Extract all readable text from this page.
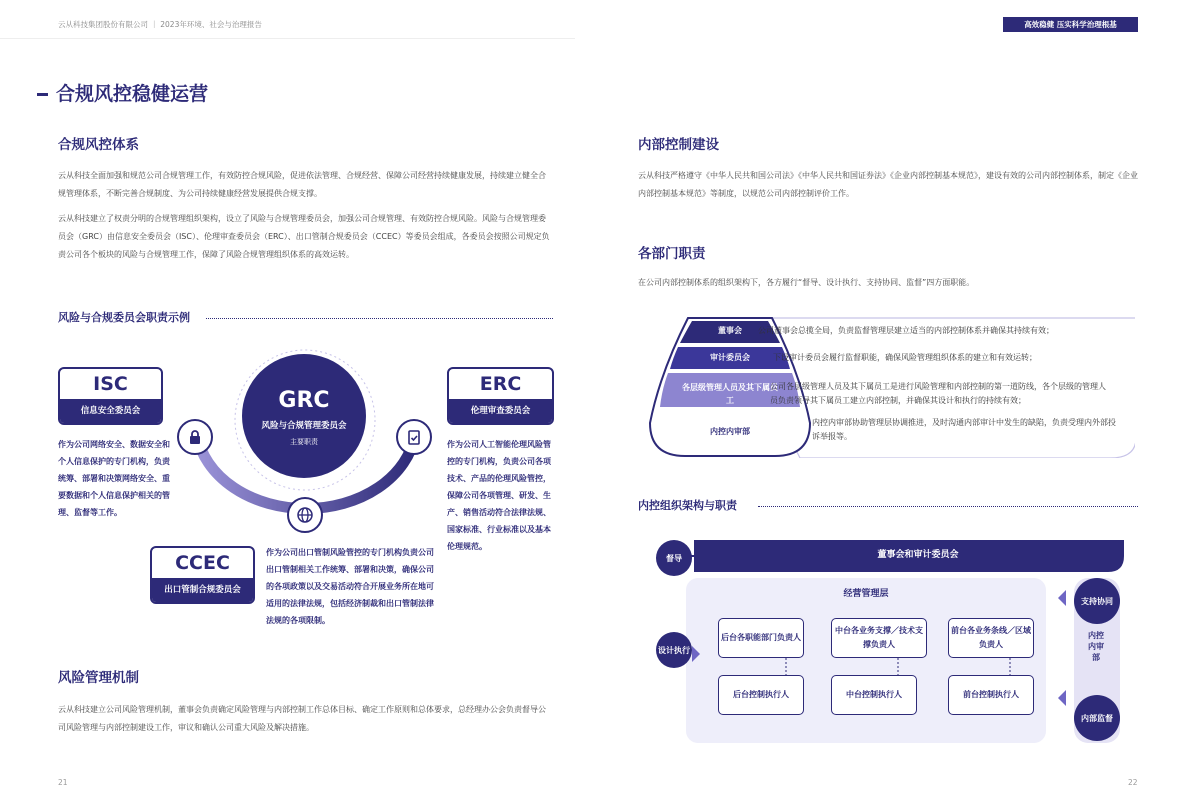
云从科技集团股份有限公司 ｜ 2023年环境、社会与治理报告	高效稳健 压实科学治理根基
合规风控稳健运营
合规风控体系
云从科技全面加强和规范公司合规管理工作，有效防控合规风险，促进依法管理、合规经营、保障公司经营持续健康发展，持续建立健全合规管理体系，不断完善合规制度、为公司持续健康经营发展提供合规支撑。
云从科技建立了权责分明的合规管理组织架构，设立了风险与合规管理委员会，加强公司合规管理、有效防控合规风险。风险与合规管理委员会（GRC）由信息安全委员会（ISC）、伦理审查委员会（ERC）、出口管制合规委员会（CCEC）等委员会组成，各委员会按照公司规定负责公司各个板块的风险与合规管理工作，保障了风险合规管理组织体系的高效运转。
风险与合规委员会职责示例
GRC
风险与合规管理委员会
主要职责
ISC
信息安全委员会
作为公司网络安全、数据安全和个人信息保护的专门机构，负责统筹、部署和决策网络安全、重要数据和个人信息保护相关的管理、监督等工作。
ERC
伦理审查委员会
作为公司人工智能伦理风险管控的专门机构，负责公司各项技术、产品的伦理风险管控，保障公司各项管理、研发、生产、销售活动符合法律法规、国家标准、行业标准以及基本伦理规范。
CCEC
出口管制合规委员会
作为公司出口管制风险管控的专门机构负责公司出口管制相关工作统筹、部署和决策，确保公司的各项政策以及交易活动符合开展业务所在地可适用的法律法规，包括经济制裁和出口管制法律法规的各项限制。
风险管理机制
云从科技建立公司风险管理机制，董事会负责确定风险管理与内部控制工作总体目标、确定工作原则和总体要求，总经理办公会负责督导公司风险管理与内部控制建设工作，审议和确认公司重大风险及解决措施。
21
内部控制建设
云从科技严格遵守《中华人民共和国公司法》《中华人民共和国证券法》《企业内部控制基本规范》，建设有效的公司内部控制体系，制定《企业内部控制基本规范》等制度，以规范公司内部控制评价工作。
各部门职责
在公司内部控制体系的组织架构下，各方履行“督导、设计执行、支持协同、监督”四方面职能。
董事会
审计委员会
各层级管理人员及其下属员工
内控内审部
公司董事会总揽全局，负责监督管理层建立适当的内部控制体系并确保其持续有效；
下设审计委员会履行监督职能，确保风险管理组织体系的建立和有效运转；
公司各层级管理人员及其下属员工是进行风险管理和内部控制的第一道防线，各个层级的管理人员负责领导其下属员工建立内部控制，并确保其设计和执行的持续有效；
内控内审部协助管理层协调推进，及时沟通内部审计中发生的缺陷，负责受理内外部投诉举报等。
内控组织架构与职责
督导	董事会和审计委员会
经营管理层
设计执行
支持协同
内控内审部
内部监督
后台各职能部门负责人
中台各业务支撑／技术支撑负责人
前台各业务条线／区域负责人
后台控制执行人	中台控制执行人	前台控制执行人
22
